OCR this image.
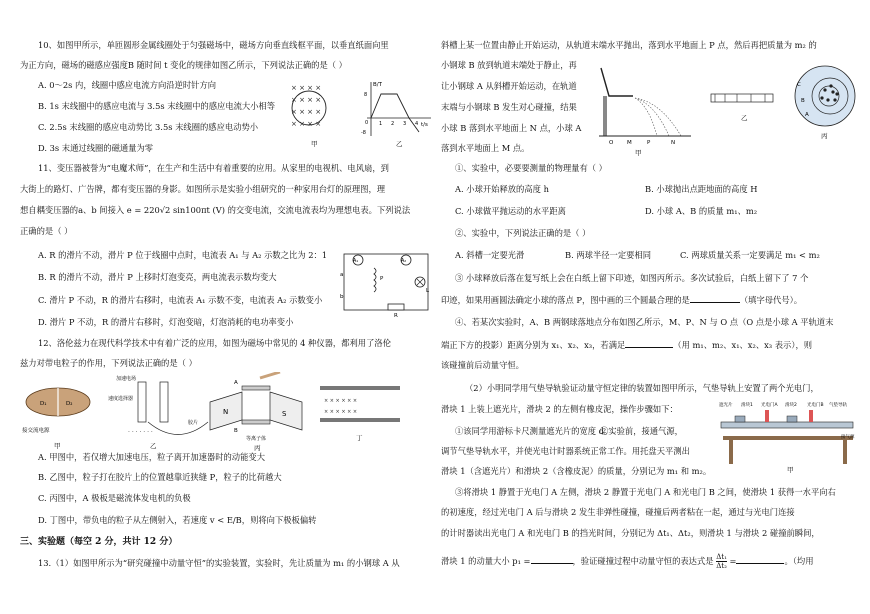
10、如图甲所示，单匝圆形金属线圈处于匀强磁场中，磁场方向垂直线框平面，以垂直纸面向里
为正方向，磁场的磁感应强度B 随时间 t 变化的规律如图乙所示，下列说法正确的是（ ）
A. 0～2s 内，线圈中感应电流方向沿逆时针方向
B. 1s 末线圈中的感应电流与 3.5s 末线圈中的感应电流大小相等
C. 2.5s 末线圈的感应电动势比 3.5s 末线圈的感应电动势小
D. 3s 末通过线圈的磁通量为零
× × × ×
× × × ×
× × × ×
× × × ×
甲
B/T
t/s
8
-8
0
乙
1 2 3 4
11、变压器被誉为“电魔术师”，在生产和生活中有着重要的应用。从家里的电视机、电风扇，到
大街上的路灯、广告牌，都有变压器的身影。如图所示是实验小组研究的一种家用台灯的原理图，理
想自耦变压器的a、b 间接入 e = 220√2 sin100πt (V) 的交变电流，交流电流表均为理想电表。下列说法
正确的是（ ）
A. R 的滑片不动，滑片 P 位于线圈中点时，电流表 A₁ 与 A₂ 示数之比为 2：1
B. R 的滑片不动，滑片 P 上移时灯泡变亮，两电流表示数均变大
C. 滑片 P 不动，R 的滑片右移时，电流表 A₁ 示数不变，电流表 A₂ 示数变小
D. 滑片 P 不动，R 的滑片右移时，灯泡变暗，灯泡消耗的电功率变小
A₁	A₂
a
b
P
R
L
12、洛伦兹力在现代科学技术中有着广泛的应用，如图为磁场中常见的 4 种仪器，都利用了洛伦
兹力对带电粒子的作用，下列说法正确的是（ ）
D₁	D₂
接交流电源
甲
加速电场
速度选择器
胶片
· · · · · · ·
乙
N	S
A
B
等离子体
丙
× × × × × ×
× × × × × ×
丁
A. 甲图中，若仅增大加速电压，粒子离开加速器时的动能变大
B. 乙图中，粒子打在胶片上的位置越靠近狭缝 P，粒子的比荷越大
C. 丙图中，A 极板是磁流体发电机的负极
D. 丁图中，带负电的粒子从左侧射入，若速度 v < E/B，则将向下极板偏转
三、实验题（每空 2 分，共计 12 分）
13.（1）如图甲所示为“研究碰撞中动量守恒”的实验装置，实验时，先让质量为 m₁ 的小钢球 A 从
斜槽上某一位置由静止开始运动，从轨道末端水平抛出，落到水平地面上 P 点，然后再把质量为 m₂ 的
小钢球 B 放到轨道末端处于静止，再
让小钢球 A 从斜槽开始运动，在轨道
末端与小钢球 B 发生对心碰撞，结果
小球 B 落到水平地面上 N 点，小球 A
落到水平地面上 M 点。	O M	P	N
甲
乙
C
B
A
丙
①、实验中，必要要测量的物理量有（ ）
A. 小球开始释放的高度 h	B. 小球抛出点距地面的高度 H
C. 小球做平抛运动的水平距离	D. 小球 A、B 的质量 m₁、m₂
②、实验中，下列说法正确的是（ ）
A. 斜槽一定要光滑	B. 两球半径一定要相同	C. 两球质量关系一定要满足 m₁ < m₂
③ 小球释放后落在复写纸上会在白纸上留下印迹，如图丙所示。多次试验后，白纸上留下了 7 个
印迹，如果用画圆法确定小球的落点 P，图中画的三个圆最合理的是	（填字母代号）。
④、若某次实验时，A、B 两钢球落地点分布如图乙所示，M、P、N 与 O 点（O 点是小球 A 平轨道末
端正下方的投影）距离分别为 x₁、x₂、x₃，若满足	（用 m₁、m₂、x₁、x₂、x₃ 表示），则
该碰撞前后动量守恒。
（2）小明同学用气垫导轨验证动量守恒定律的装置如图甲所示，气垫导轨上安置了两个光电门，
滑块 1 上装上遮光片，滑块 2 的左侧有橡皮泥，操作步骤如下：
①该同学用游标卡尺测量遮光片的宽度 d。
②实验前，接通气源，
调节气垫导轨水平，并使光电计时器系统正常工作。用托盘天平测出
滑块 1（含遮光片）和滑块 2（含橡皮泥）的质量，分别记为 m₁ 和 m₂。
遮光片 滑块1 光电门A 滑块2 光电门B 气垫导轨
接气源
甲
③将滑块 1 静置于光电门 A 左侧，滑块 2 静置于光电门 A 和光电门 B 之间，使滑块 1 获得一水平向右
的初速度，经过光电门 A 后与滑块 2 发生非弹性碰撞，碰撞后两者粘在一起，通过与光电门连接
的计时器读出光电门 A 和光电门 B 的挡光时间，分别记为 Δt₁、Δt₂，则滑块 1 与滑块 2 碰撞前瞬间，
滑块 1 的动量大小 p₁ =	，验证碰撞过程中动量守恒的表达式是 $\frac{\text{Δt₁}}{\text{Δt₂}}$ =	。（均用
